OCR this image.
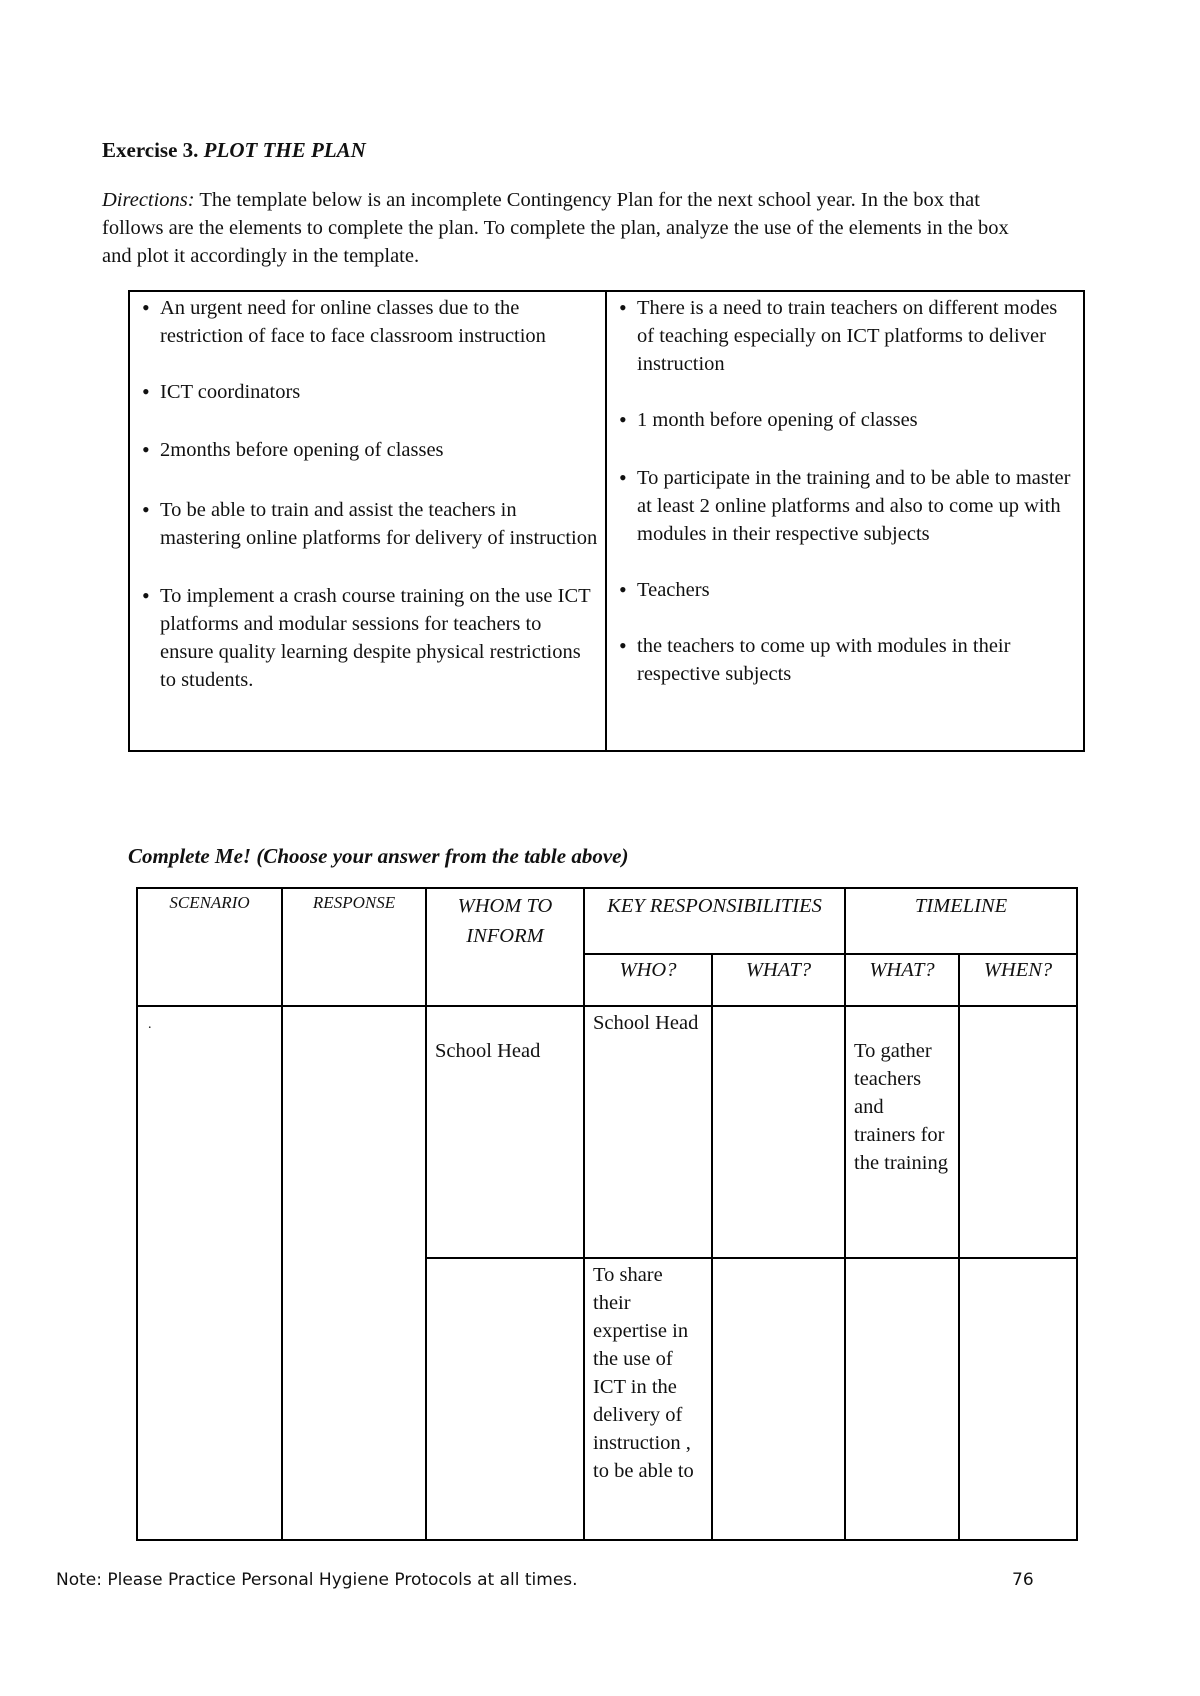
Exercise 3. PLOT THE PLAN
Directions: The template below is an incomplete Contingency Plan for the next school year. In the box that follows are the elements to complete the plan. To complete the plan, analyze the use of the elements in the box and plot it accordingly in the template.
• An urgent need for online classes due to the restriction of face to face classroom instruction
• ICT coordinators
• 2months before opening of classes
• To be able to train and assist the teachers in mastering online platforms for delivery of instruction
• To implement a crash course training on the use ICT platforms and modular sessions for teachers to ensure quality learning despite physical restrictions to students.

• There is a need to train teachers on different modes of teaching especially on ICT platforms to deliver instruction
• 1 month before opening of classes
• To participate in the training and to be able to master at least 2 online platforms and also to come up with modules in their respective subjects
• Teachers
• the teachers to come up with modules in their respective subjects
Complete Me! (Choose your answer from the table above)
SCENARIO	RESPONSE	WHOM TO INFORM	KEY RESPONSIBILITIES		TIMELINE	
			WHO?	WHAT?	WHAT?	WHEN?
.		School Head	School Head		To gather teachers and trainers for the training	

			To share their expertise in the use of ICT in the delivery of instruction , to be able to			
Note: Please Practice Personal Hygiene Protocols at all times.	76
